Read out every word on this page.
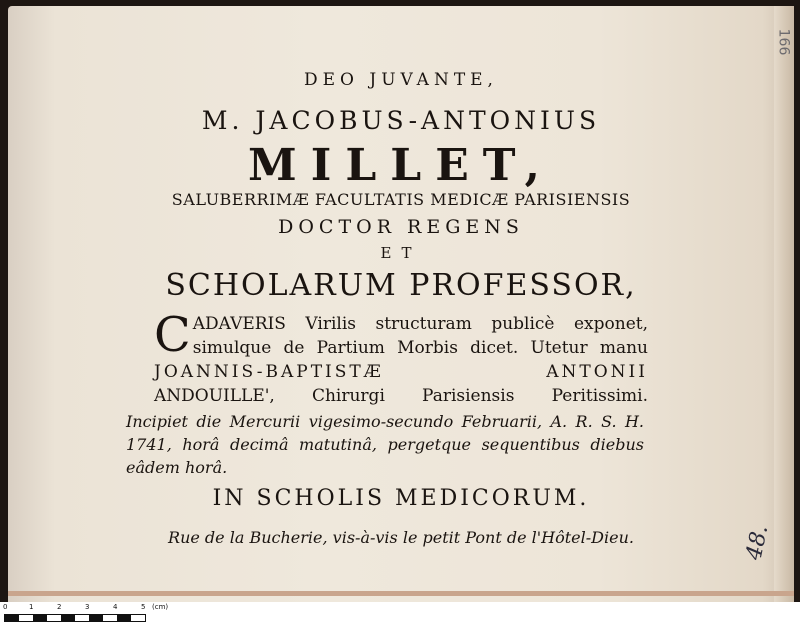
DEO JUVANTE,
M. JACOBUS-ANTONIUS
MILLET,
SALUBERRIMÆ FACULTATIS MEDICÆ PARISIENSIS
DOCTOR REGENS
ET
SCHOLARUM PROFESSOR,
C ADAVERIS Virilis structuram publicè exponet,
simulque de Partium Morbis dicet. Utetur manu
JOANNIS-BAPTISTÆ ANTONII
ANDOUILLE', Chirurgi Parisiensis Peritissimi.
Incipiet die Mercurii vigesimo-secundo Februarii, A. R. S. H.
1741, horâ decimâ matutinâ, pergetque sequentibus diebus
eâdem horâ.
IN SCHOLIS MEDICORUM.
Rue de la Bucherie, vis-à-vis le petit Pont de l'Hôtel-Dieu.
166
48.
0	1	2	3	4	5 (cm)
